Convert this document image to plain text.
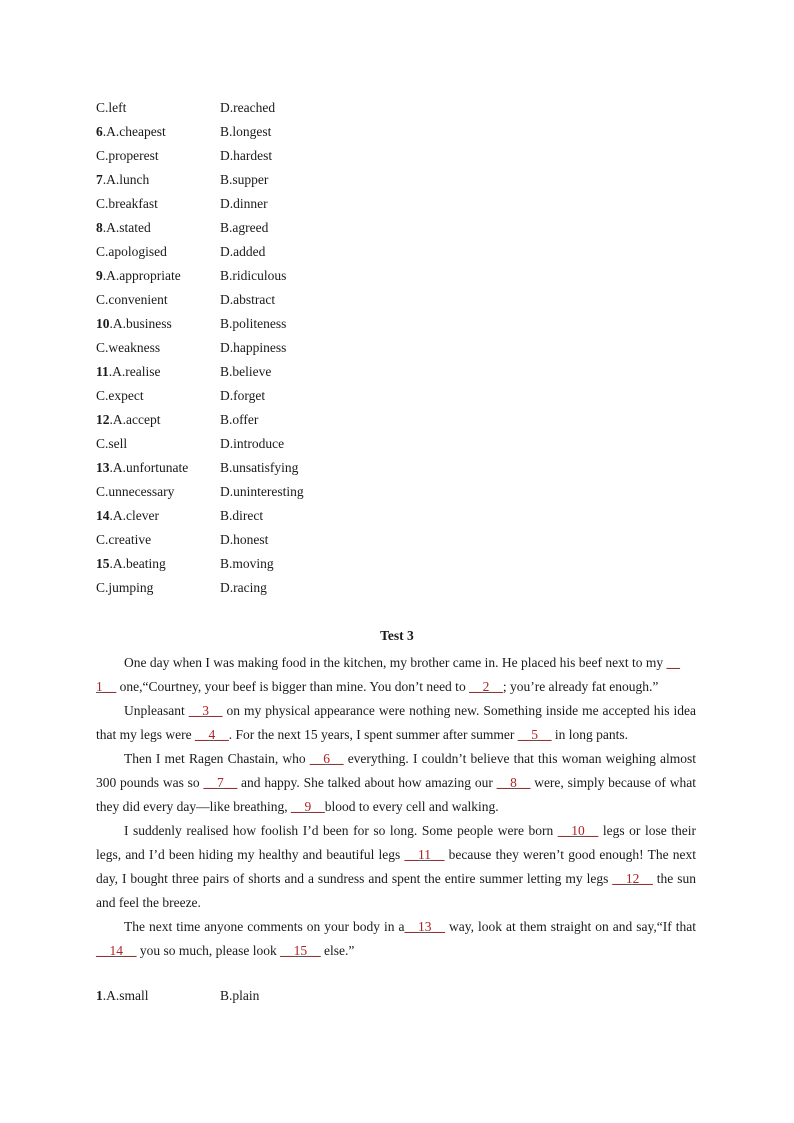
C.left	D.reached
6.A.cheapest	B.longest
C.properest	D.hardest
7.A.lunch	B.supper
C.breakfast	D.dinner
8.A.stated	B.agreed
C.apologised	D.added
9.A.appropriate	B.ridiculous
C.convenient	D.abstract
10.A.business	B.politeness
C.weakness	D.happiness
11.A.realise	B.believe
C.expect	D.forget
12.A.accept	B.offer
C.sell	D.introduce
13.A.unfortunate	B.unsatisfying
C.unnecessary	D.uninteresting
14.A.clever	B.direct
C.creative	D.honest
15.A.beating	B.moving
C.jumping	D.racing
Test 3

One day when I was making food in the kitchen, my brother came in. He placed his beef next to my __
1__ one,“Courtney, your beef is bigger than mine. You don’t need to __2__; you’re already fat enough.”

Unpleasant __3__ on my physical appearance were nothing new. Something inside me accepted his idea that my legs were __4__. For the next 15 years, I spent summer after summer __5__ in long pants.

Then I met Ragen Chastain, who __6__ everything. I couldn’t believe that this woman weighing almost 300 pounds was so __7__ and happy. She talked about how amazing our __8__ were, simply because of what they did every day—like breathing, __9__blood to every cell and walking.

I suddenly realised how foolish I’d been for so long. Some people were born __10__ legs or lose their legs, and I’d been hiding my healthy and beautiful legs __11__ because they weren’t good enough! The next day, I bought three pairs of shorts and a sundress and spent the entire summer letting my legs __12__ the sun and feel the breeze.

The next time anyone comments on your body in a__13__ way, look at them straight on and say,“If that __14__ you so much, please look __15__ else.”

1.A.small	B.plain
